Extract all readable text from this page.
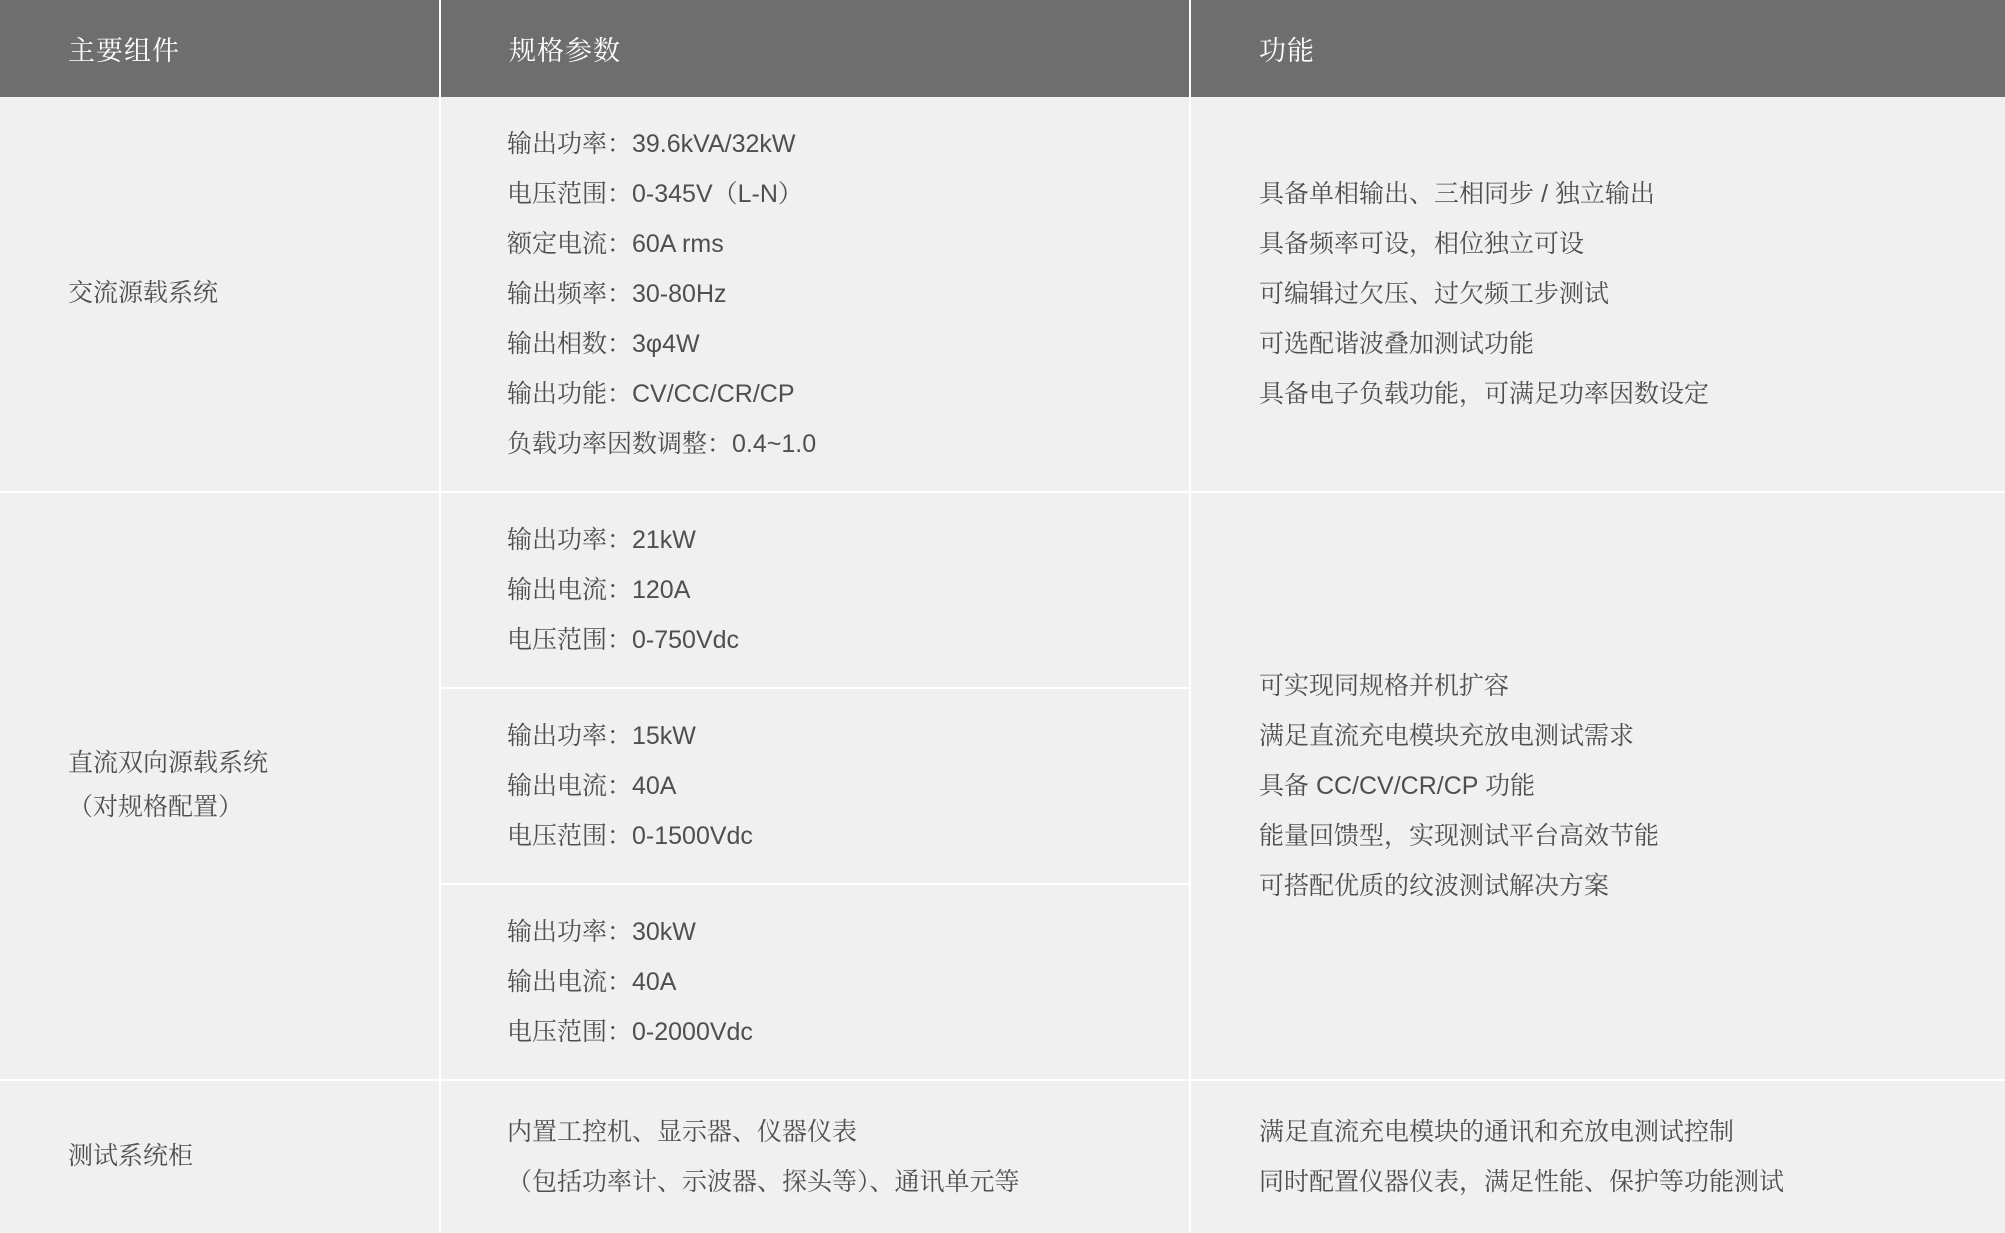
主要组件	规格参数	功能

交流源载系统

输出功率：39.6kVA/32kW
电压范围：0-345V（L-N）
额定电流：60A rms
输出频率：30-80Hz
输出相数：3φ4W
输出功能：CV/CC/CR/CP
负载功率因数调整：0.4~1.0

具备单相输出、三相同步 / 独立输出
具备频率可设，相位独立可设
可编辑过欠压、过欠频工步测试
可选配谐波叠加测试功能
具备电子负载功能，可满足功率因数设定

直流双向源载系统
（对规格配置）

输出功率：21kW
输出电流：120A
电压范围：0-750Vdc
输出功率：15kW
输出电流：40A
电压范围：0-1500Vdc
输出功率：30kW
输出电流：40A
电压范围：0-2000Vdc

可实现同规格并机扩容
满足直流充电模块充放电测试需求
具备 CC/CV/CR/CP 功能
能量回馈型，实现测试平台高效节能
可搭配优质的纹波测试解决方案

测试系统柜

内置工控机、显示器、仪器仪表
（包括功率计、示波器、探头等）、通讯单元等

满足直流充电模块的通讯和充放电测试控制
同时配置仪器仪表，满足性能、保护等功能测试
